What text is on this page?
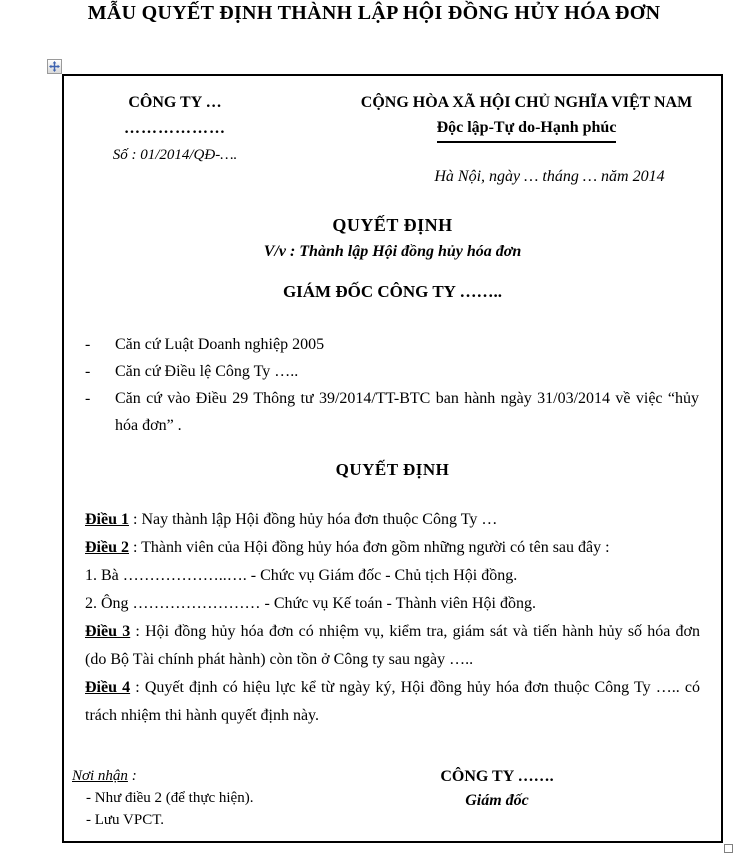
MẪU QUYẾT ĐỊNH THÀNH LẬP HỘI ĐỒNG HỦY HÓA ĐƠN
CÔNG TY …
………………
Số : 01/2014/QĐ-….
CỘNG HÒA XÃ HỘI CHỦ NGHĨA VIỆT NAM
Độc lập-Tự do-Hạnh phúc
Hà Nội, ngày … tháng … năm 2014
QUYẾT ĐỊNH
V/v : Thành lập Hội đồng hủy hóa đơn
GIÁM ĐỐC CÔNG TY ……..
-	Căn cứ Luật Doanh nghiệp 2005
-	Căn cứ Điều lệ Công Ty …..
-	Căn cứ vào Điều 29 Thông tư 39/2014/TT-BTC ban hành ngày 31/03/2014 về việc “hủy hóa đơn” .
QUYẾT ĐỊNH

Điều 1 : Nay thành lập Hội đồng hủy hóa đơn thuộc Công Ty …

Điều 2 : Thành viên của Hội đồng hủy hóa đơn gồm những người có tên sau đây :

1. Bà ………………..…. - Chức vụ Giám đốc - Chủ tịch Hội đồng.

2. Ông …………………… - Chức vụ Kế toán - Thành viên Hội đồng.

Điều 3 : Hội đồng hủy hóa đơn có nhiệm vụ, kiểm tra, giám sát và tiến hành hủy số hóa đơn (do Bộ Tài chính phát hành) còn tồn ở Công ty sau ngày …..

Điều 4 : Quyết định có hiệu lực kể từ ngày ký, Hội đồng hủy hóa đơn thuộc Công Ty ….. có trách nhiệm thi hành quyết định này.

Nơi nhận :
- Như điều 2 (để thực hiện).
- Lưu VPCT.
CÔNG TY …….
Giám đốc
